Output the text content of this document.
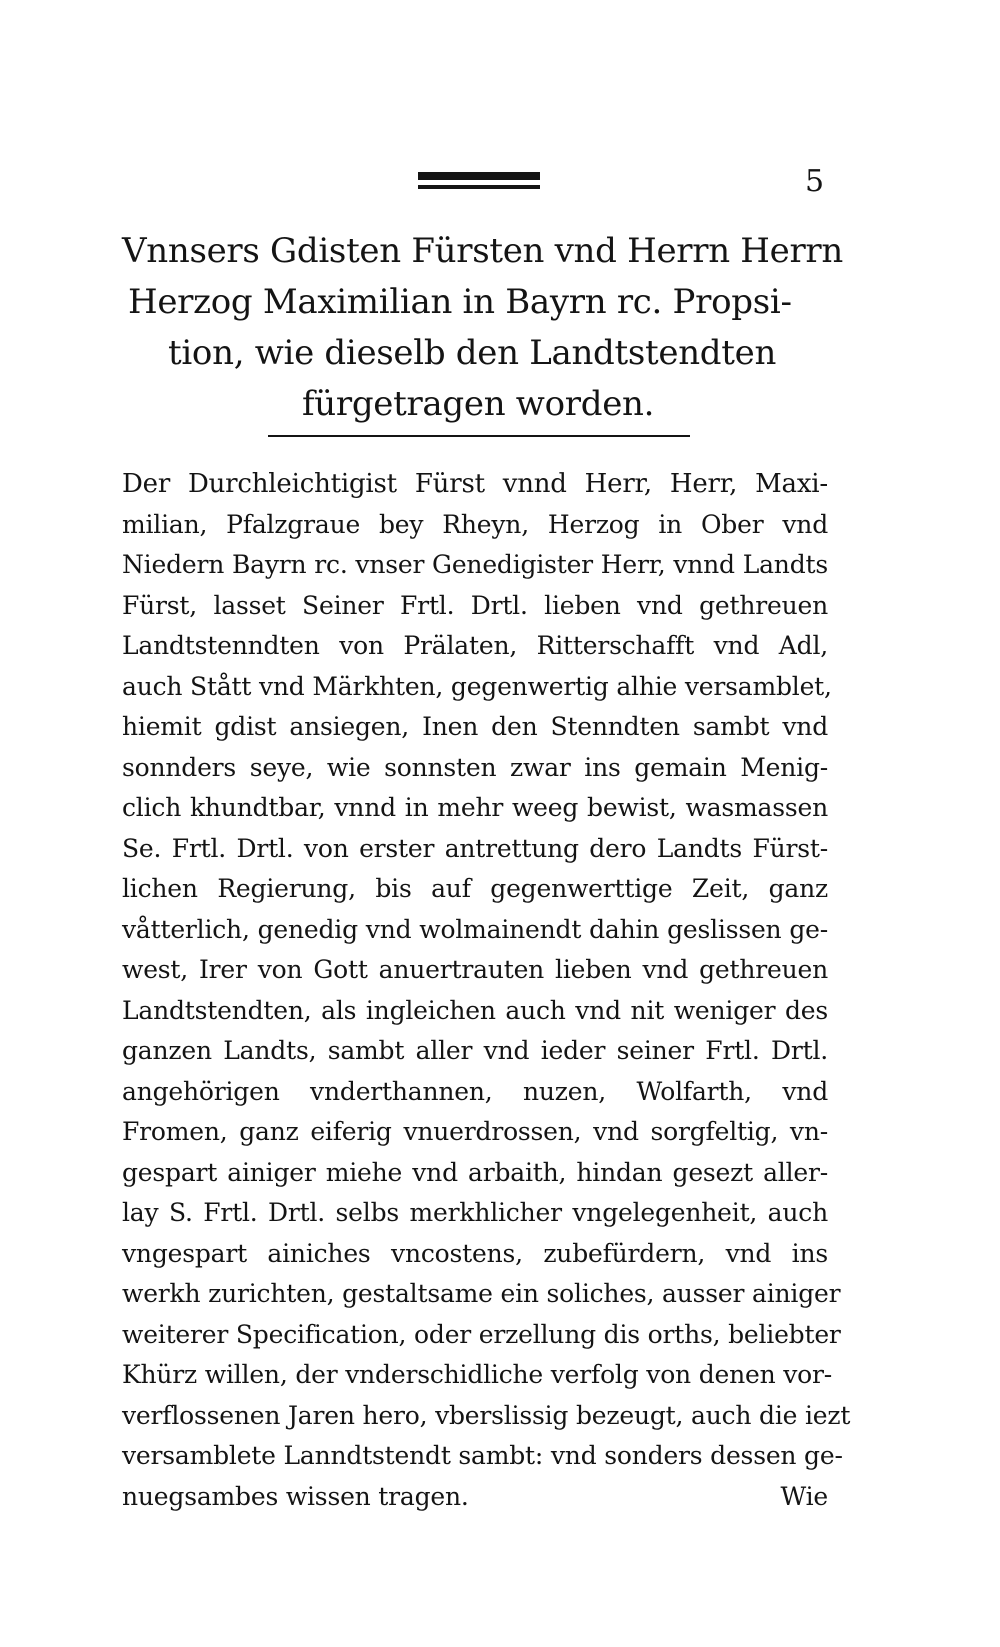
5
Vnnsers Gdisten Fürsten vnd Herrn Herrn
Herzog Maximilian in Bayrn rc. Propsi-
tion, wie dieselb den Landtstendten
fürgetragen worden.
Der Durchleichtigist Fürst vnnd Herr, Herr, Maxi-
milian, Pfalzgraue bey Rheyn, Herzog in Ober vnd
Niedern Bayrn rc. vnser Genedigister Herr, vnnd Landts
Fürst, lasset Seiner Frtl. Drtl. lieben vnd gethreuen
Landtstenndten von Prälaten, Ritterschafft vnd Adl,
auch Stått vnd Märkhten, gegenwertig alhie versamblet,
hiemit gdist ansiegen, Inen den Stenndten sambt vnd
sonnders seye, wie sonnsten zwar ins gemain Menig-
clich khundtbar, vnnd in mehr weeg bewist, wasmassen
Se. Frtl. Drtl. von erster antrettung dero Landts Fürst-
lichen Regierung, bis auf gegenwerttige Zeit, ganz
våtterlich, genedig vnd wolmainendt dahin geslissen ge-
west, Irer von Gott anuertrauten lieben vnd gethreuen
Landtstendten, als ingleichen auch vnd nit weniger des
ganzen Landts, sambt aller vnd ieder seiner Frtl. Drtl.
angehörigen vnderthannen, nuzen, Wolfarth, vnd
Fromen, ganz eiferig vnuerdrossen, vnd sorgfeltig, vn-
gespart ainiger miehe vnd arbaith, hindan gesezt aller-
lay S. Frtl. Drtl. selbs merkhlicher vngelegenheit, auch
vngespart ainiches vncostens, zubefürdern, vnd ins
werkh zurichten, gestaltsame ein soliches, ausser ainiger
weiterer Specification, oder erzellung dis orths, beliebter
Khürz willen, der vnderschidliche verfolg von denen vor-
verflossenen Jaren hero, vberslissig bezeugt, auch die iezt
versamblete Lanndtstendt sambt: vnd sonders dessen ge-
nuegsambes wissen tragen.	Wie
